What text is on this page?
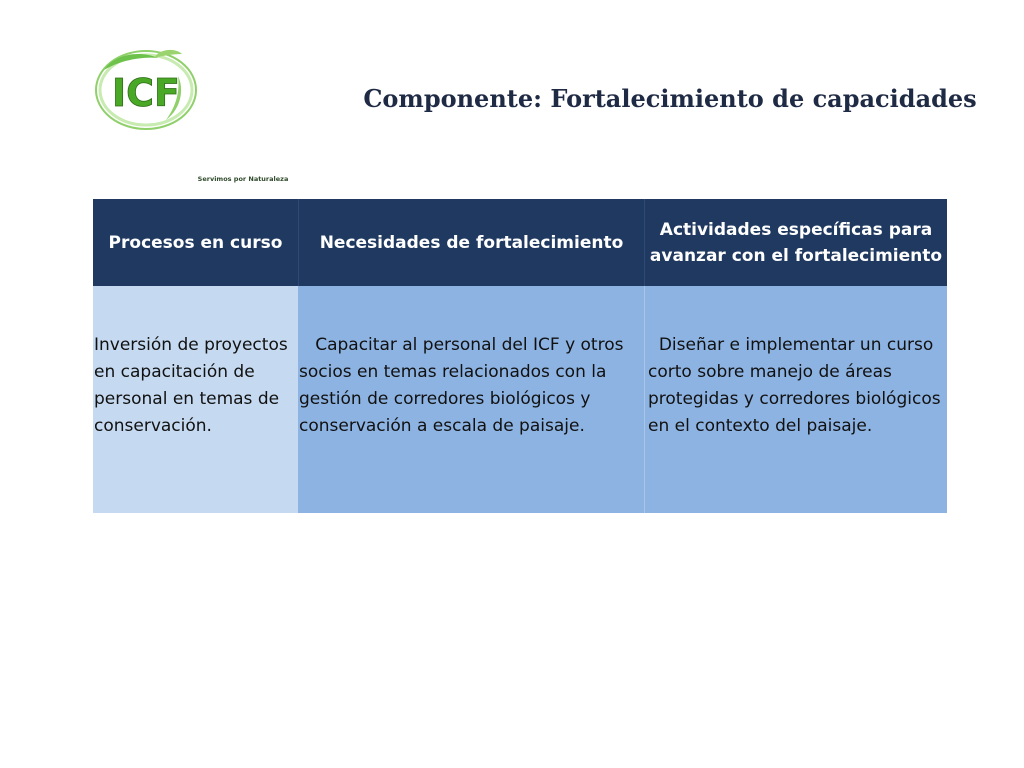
ICF
Servimos por Naturaleza
Componente: Fortalecimiento de capacidades
Procesos en curso	Necesidades de fortalecimiento
Actividades específicas para avanzar con el fortalecimiento
Inversión de proyectos en capacitación de personal en temas de conservación.
Capacitar al personal del ICF y otros socios en temas relacionados con la gestión de corredores biológicos y conservación a escala de paisaje.
Diseñar e implementar un curso corto sobre manejo de áreas protegidas y corredores biológicos en el contexto del paisaje.
